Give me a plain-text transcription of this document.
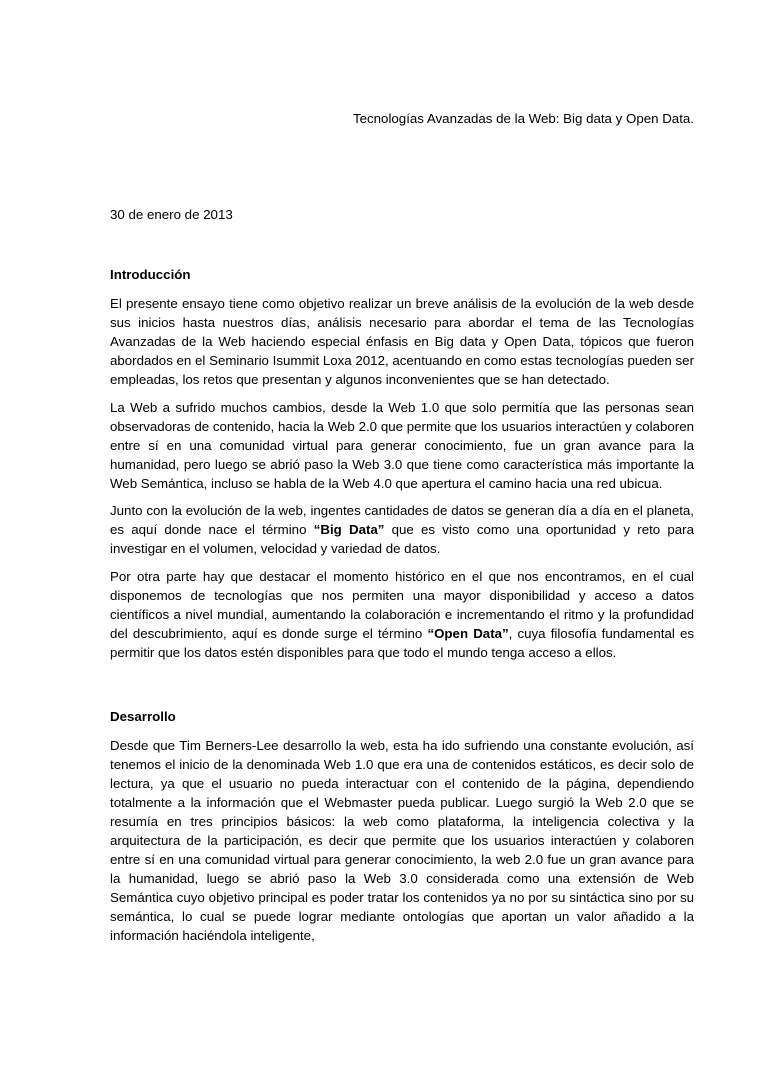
Tecnologías Avanzadas de la Web: Big data y Open Data.
30 de enero de 2013
Introducción

El presente ensayo tiene como objetivo realizar un breve análisis de la evolución de la web desde sus inicios hasta nuestros días, análisis necesario para abordar el tema de las Tecnologías Avanzadas de la Web haciendo especial énfasis en Big data y Open Data, tópicos que fueron abordados en el Seminario Isummit Loxa 2012, acentuando en como estas tecnologías pueden ser empleadas, los retos que presentan y algunos inconvenientes que se han detectado.

La Web a sufrido muchos cambios, desde la Web 1.0 que solo permitía que las personas sean observadoras de contenido, hacia la Web 2.0 que permite que los usuarios interactúen y colaboren entre sí en una comunidad virtual para generar conocimiento, fue un gran avance para la humanidad, pero luego se abrió paso la Web 3.0 que tiene como característica más importante la Web Semántica, incluso se habla de la Web 4.0 que apertura el camino hacia una red ubicua.

Junto con la evolución de la web, ingentes cantidades de datos se generan día a día en el planeta, es aquí donde nace el término “Big Data” que es visto como una oportunidad y reto para investigar en el volumen, velocidad y variedad de datos.

Por otra parte hay que destacar el momento histórico en el que nos encontramos, en el cual disponemos de tecnologías que nos permiten una mayor disponibilidad y acceso a datos científicos a nivel mundial, aumentando la colaboración e incrementando el ritmo y la profundidad del descubrimiento, aquí es donde surge el término “Open Data”, cuya filosofía fundamental es permitir que los datos estén disponibles para que todo el mundo tenga acceso a ellos.

Desarrollo

Desde que Tim Berners-Lee desarrollo la web, esta ha ido sufriendo una constante evolución, así tenemos el inicio de la denominada Web 1.0 que era una de contenidos estáticos, es decir solo de lectura, ya que el usuario no pueda interactuar con el contenido de la página, dependiendo totalmente a la información que el Webmaster pueda publicar. Luego surgió la Web 2.0 que se resumía en tres principios básicos: la web como plataforma, la inteligencia colectiva y la arquitectura de la participación, es decir que permite que los usuarios interactúen y colaboren entre sí en una comunidad virtual para generar conocimiento, la web 2.0 fue un gran avance para la humanidad, luego se abrió paso la Web 3.0 considerada como una extensión de Web Semántica cuyo objetivo principal es poder tratar los contenidos ya no por su sintáctica sino por su semántica, lo cual se puede lograr mediante ontologías que aportan un valor añadido a la información haciéndola inteligente,
